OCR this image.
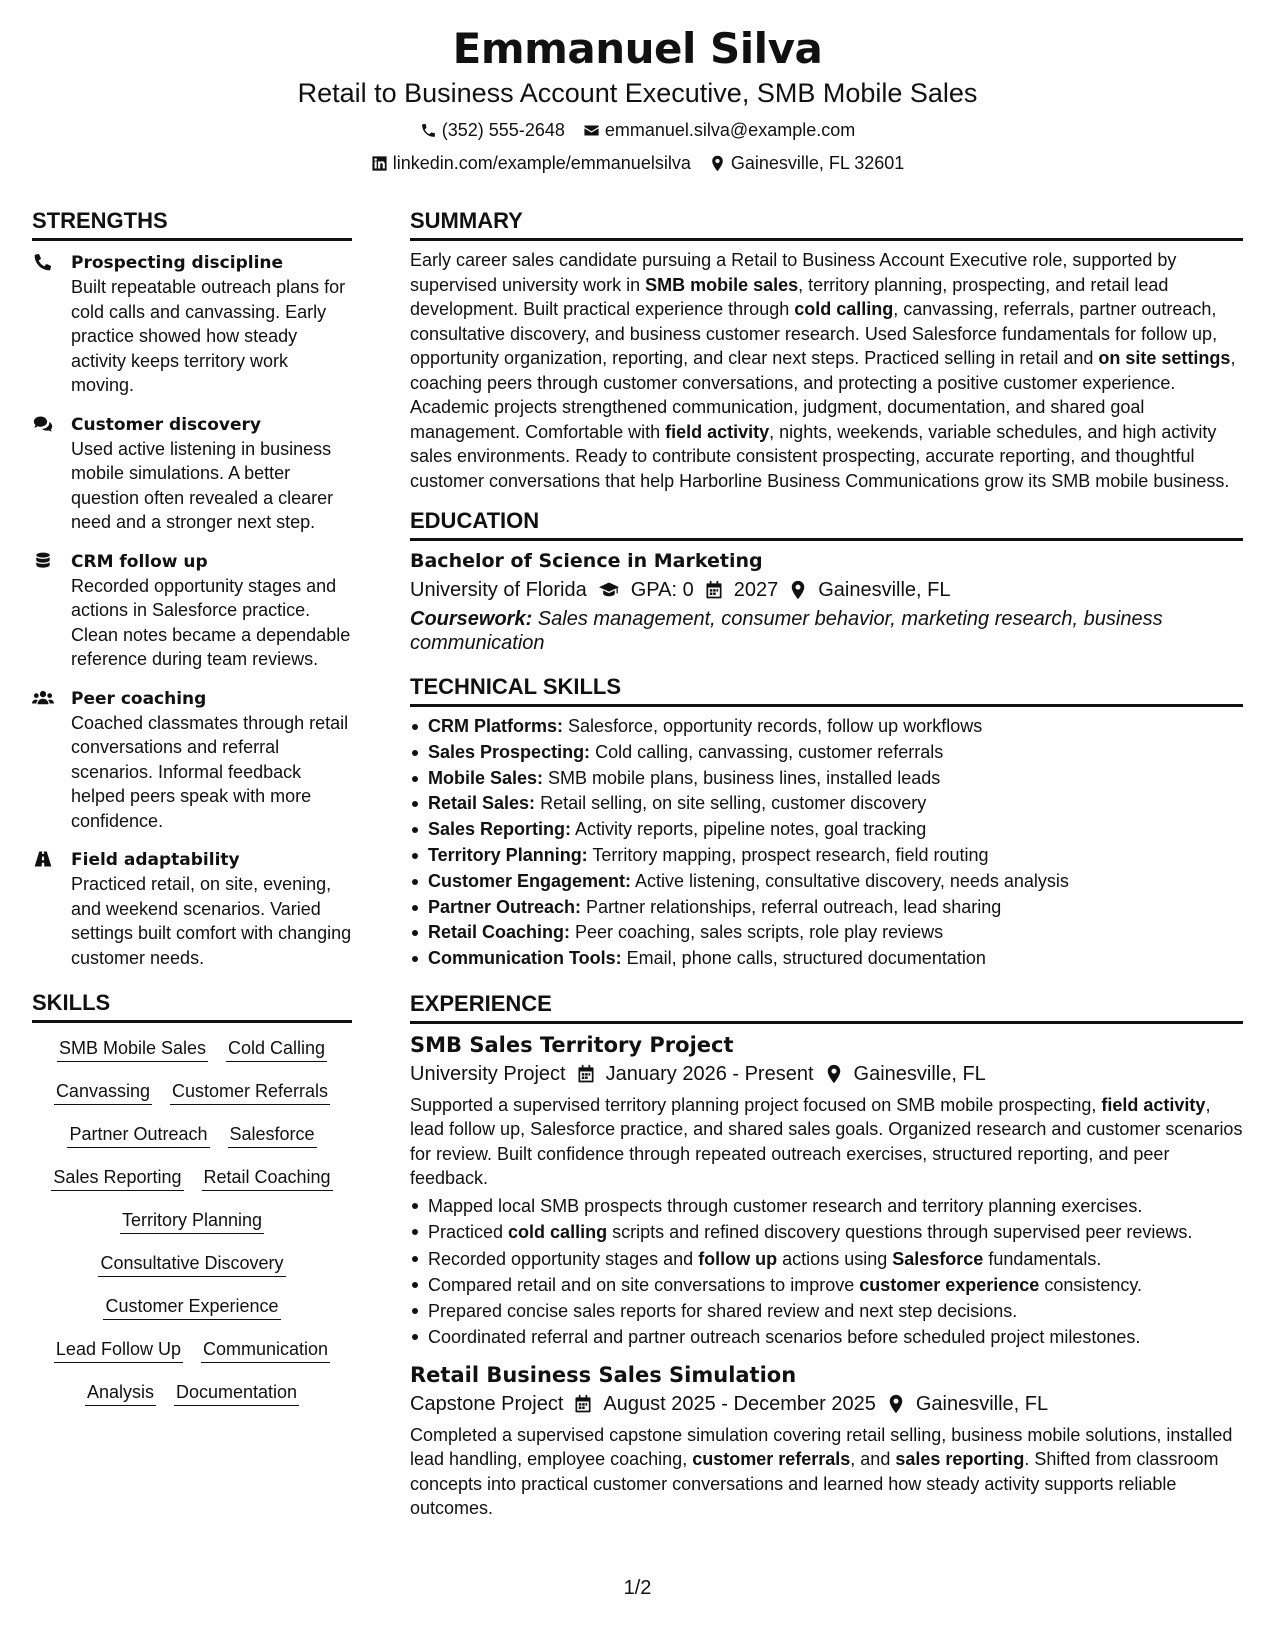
Emmanuel Silva
Retail to Business Account Executive, SMB Mobile Sales
(352) 555-2648 emmanuel.silva@example.com
linkedin.com/example/emmanuelsilva Gainesville, FL 32601
STRENGTHS
Prospecting discipline
Built repeatable outreach plans for cold calls and canvassing. Early practice showed how steady activity keeps territory work moving.
Customer discovery
Used active listening in business mobile simulations. A better question often revealed a clearer need and a stronger next step.
CRM follow up
Recorded opportunity stages and actions in Salesforce practice. Clean notes became a dependable reference during team reviews.
Peer coaching
Coached classmates through retail conversations and referral scenarios. Informal feedback helped peers speak with more confidence.
Field adaptability
Practiced retail, on site, evening, and weekend scenarios. Varied settings built comfort with changing customer needs.
SKILLS
SMB Mobile Sales Cold Calling
Canvassing Customer Referrals
Partner Outreach Salesforce
Sales Reporting Retail Coaching
Territory Planning
Consultative Discovery
Customer Experience
Lead Follow Up Communication
Analysis Documentation
SUMMARY
Early career sales candidate pursuing a Retail to Business Account Executive role, supported by supervised university work in SMB mobile sales, territory planning, prospecting, and retail lead development. Built practical experience through cold calling, canvassing, referrals, partner outreach, consultative discovery, and business customer research. Used Salesforce fundamentals for follow up, opportunity organization, reporting, and clear next steps. Practiced selling in retail and on site settings, coaching peers through customer conversations, and protecting a positive customer experience. Academic projects strengthened communication, judgment, documentation, and shared goal management. Comfortable with field activity, nights, weekends, variable schedules, and high activity sales environments. Ready to contribute consistent prospecting, accurate reporting, and thoughtful customer conversations that help Harborline Business Communications grow its SMB mobile business.
EDUCATION
Bachelor of Science in Marketing
University of Florida GPA: 0 2027 Gainesville, FL
Coursework: Sales management, consumer behavior, marketing research, business communication
TECHNICAL SKILLS
CRM Platforms: Salesforce, opportunity records, follow up workflows
Sales Prospecting: Cold calling, canvassing, customer referrals
Mobile Sales: SMB mobile plans, business lines, installed leads
Retail Sales: Retail selling, on site selling, customer discovery
Sales Reporting: Activity reports, pipeline notes, goal tracking
Territory Planning: Territory mapping, prospect research, field routing
Customer Engagement: Active listening, consultative discovery, needs analysis
Partner Outreach: Partner relationships, referral outreach, lead sharing
Retail Coaching: Peer coaching, sales scripts, role play reviews
Communication Tools: Email, phone calls, structured documentation
EXPERIENCE
SMB Sales Territory Project
University Project January 2026 - Present Gainesville, FL
Supported a supervised territory planning project focused on SMB mobile prospecting, field activity, lead follow up, Salesforce practice, and shared sales goals. Organized research and customer scenarios for review. Built confidence through repeated outreach exercises, structured reporting, and peer feedback.
Mapped local SMB prospects through customer research and territory planning exercises.
Practiced cold calling scripts and refined discovery questions through supervised peer reviews.
Recorded opportunity stages and follow up actions using Salesforce fundamentals.
Compared retail and on site conversations to improve customer experience consistency.
Prepared concise sales reports for shared review and next step decisions.
Coordinated referral and partner outreach scenarios before scheduled project milestones.
Retail Business Sales Simulation
Capstone Project August 2025 - December 2025 Gainesville, FL
Completed a supervised capstone simulation covering retail selling, business mobile solutions, installed lead handling, employee coaching, customer referrals, and sales reporting. Shifted from classroom concepts into practical customer conversations and learned how steady activity supports reliable outcomes.
1/2
